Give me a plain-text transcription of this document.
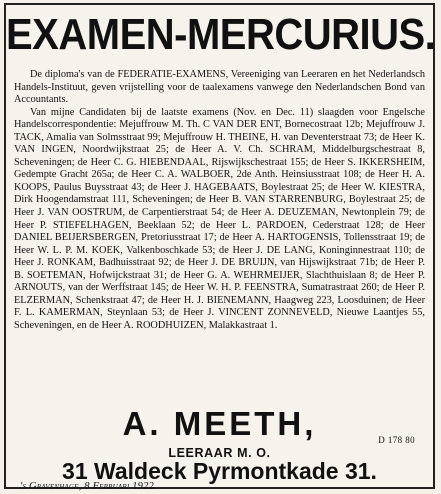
EXAMEN-MERCURIUS.

De diploma's van de FEDERATIE-EXAMENS, Vereeniging van Leeraren en het Nederlandsch Handels-Instituut, geven vrijstelling voor de taalexamens vanwege den Nederlandschen Bond van Accountants.

Van mijne Candidaten bij de laatste examens (Nov. en Dec. 11) slaagden voor Engelsche Handelscorrespondentie: Mejuffrouw M. Th. C VAN DER ENT, Bornecostraat 12b; Mejuffrouw J. TACK, Amalia van Solmsstraat 99; Mejuffrouw H. THEINE, H. van Deventerstraat 73; de Heer K. VAN INGEN, Noordwijkstraat 25; de Heer A. V. Ch. SCHRAM, Middelburgschestraat 8, Scheveningen; de Heer C. G. HIEBENDAAL, Rijswijkschestraat 155; de Heer S. IKKERSHEIM, Gedempte Gracht 265a; de Heer C. A. WALBOER, 2de Anth. Heinsiusstraat 108; de Heer H. A. KOOPS, Paulus Buysstraat 43; de Heer J. HAGEBAATS, Boylestraat 25; de Heer W. KIESTRA, Dirk Hoogendamstraat 111, Scheveningen; de Heer B. VAN STARRENBURG, Boylestraat 25; de Heer J. VAN OOSTRUM, de Carpentierstraat 54; de Heer A. DEUZEMAN, Newtonplein 79; de Heer P. STIEFELHAGEN, Beeklaan 52; de Heer L. PARDOEN, Cederstraat 128; de Heer DANIEL BEIJERSBERGEN, Pretoriusstraat 17; de Heer A. HARTOGENSIS, Tollensstraat 19; de Heer W. L. P. M. KOEK, Valkenboschkade 53; de Heer J. DE LANG, Koninginnestraat 110; de Heer J. RONKAM, Badhuisstraat 92; de Heer J. DE BRUIJN, van Hijswijkstraat 71b; de Heer P. B. SOETEMAN, Hofwijckstraat 31; de Heer G. A. WEHRMEIJER, Slachthuislaan 8; de Heer P. ARNOUTS, van der Werffstraat 145; de Heer W. H. P. FEENSTRA, Sumatrastraat 260; de Heer P. ELZERMAN, Schenkstraat 47; de Heer H. J. BIENEMANN, Haagweg 223, Loosduinen; de Heer F. L. KAMERMAN, Steynlaan 53; de Heer J. VINCENT ZONNEVELD, Nieuwe Laantjes 55, Scheveningen, en de Heer A. ROODHUIZEN, Malakkastraat 1.

A. MEETH,	D 178 80
LEERAAR M. O.
31 Waldeck Pyrmontkade 31.
's Gravenhage, 8 Februari 1922.
